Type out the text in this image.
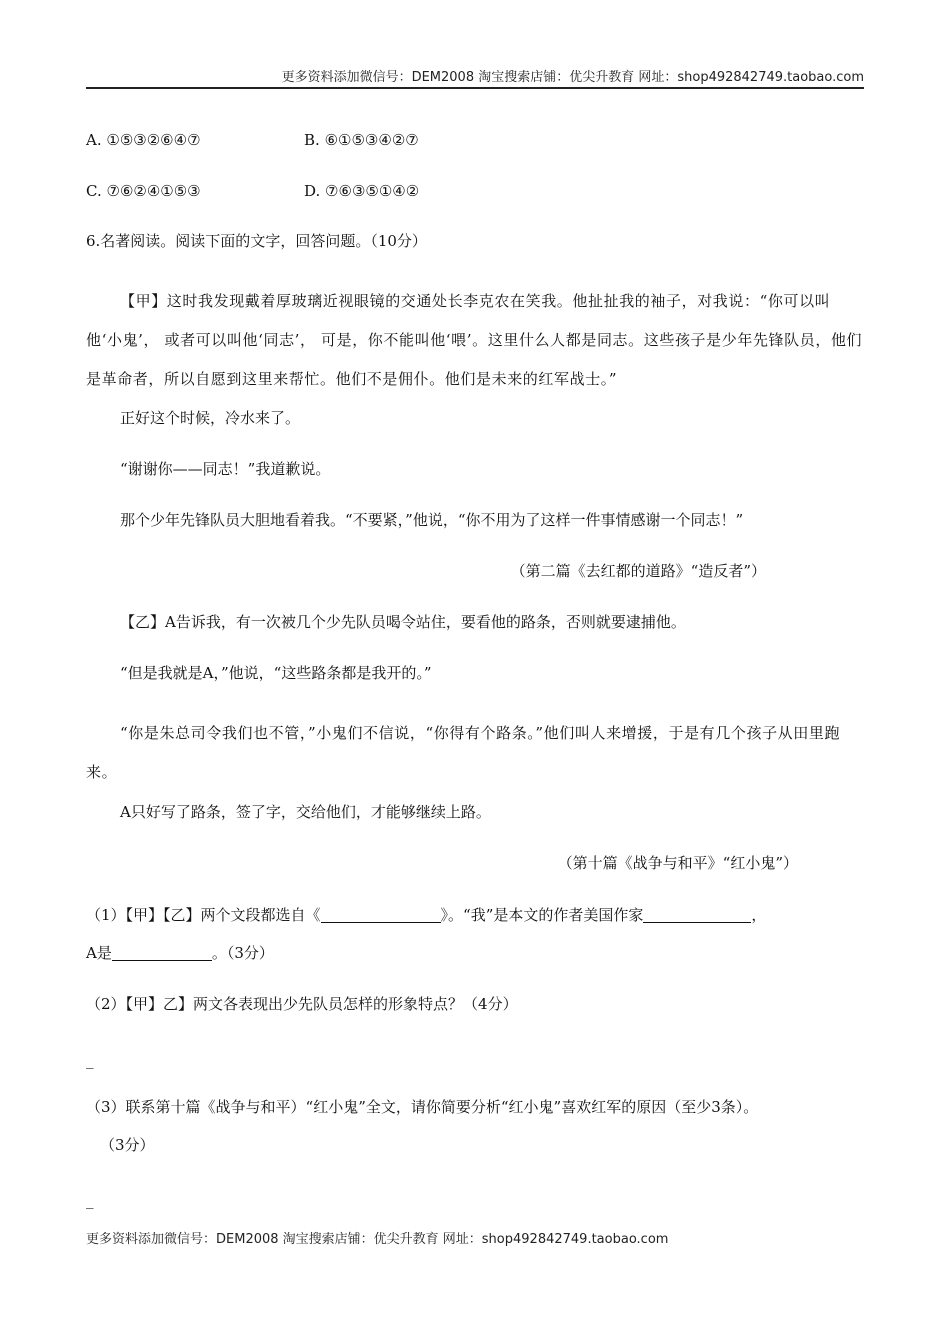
更多资料添加微信号：DEM2008 淘宝搜索店铺：优尖升教育 网址：shop492842749.taobao.com
A. ①⑤③②⑥④⑦	B. ⑥①⑤③④②⑦
C. ⑦⑥②④①⑤③	D. ⑦⑥③⑤①④②
6.名著阅读。阅读下面的文字，回答问题。（10分）
【甲】这时我发现戴着厚玻璃近视眼镜的交通处长李克农在笑我。他扯扯我的袖子，对我说：“你可以叫他‘小鬼’， 或者可以叫他‘同志’， 可是，你不能叫他‘喂’。这里什么人都是同志。这些孩子是少年先锋队员，他们是革命者，所以自愿到这里来帮忙。他们不是佣仆。他们是未来的红军战士。”
正好这个时候，冷水来了。
“谢谢你——同志！”我道歉说。
那个少年先锋队员大胆地看着我。“不要紧，”他说，“你不用为了这样一件事情感谢一个同志！”
（第二篇《去红都的道路》“造反者”）
【乙】A告诉我，有一次被几个少先队员喝令站住，要看他的路条，否则就要逮捕他。
“但是我就是A，”他说，“这些路条都是我开的。”
“你是朱总司令我们也不管，”小鬼们不信说，“你得有个路条。”他们叫人来增援，于是有几个孩子从田里跑来。
A只好写了路条，签了字，交给他们，才能够继续上路。
（第十篇《战争与和平》“红小鬼”）
（1）【甲】【乙】两个文段都选自《	》。“我”是本文的作者美国作家	，
A是	。（3分）
（2）【甲】乙】两文各表现出少先队员怎样的形象特点？（4分）
_
（3）联系第十篇《战争与和平）“红小鬼”全文，请你简要分析“红小鬼”喜欢红军的原因（至少3条）。
（3分）
_
更多资料添加微信号：DEM2008 淘宝搜索店铺：优尖升教育 网址：shop492842749.taobao.com
